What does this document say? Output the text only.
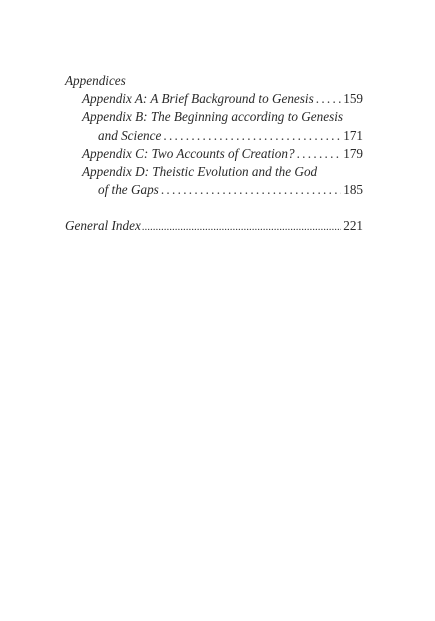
Appendices
Appendix A: A Brief Background to Genesis . . . 159
Appendix B: The Beginning according to Genesis
and Science . . .	171
Appendix C: Two Accounts of Creation? . . .	179
Appendix D: Theistic Evolution and the God
of the Gaps . . .	185
General Index .....	221
